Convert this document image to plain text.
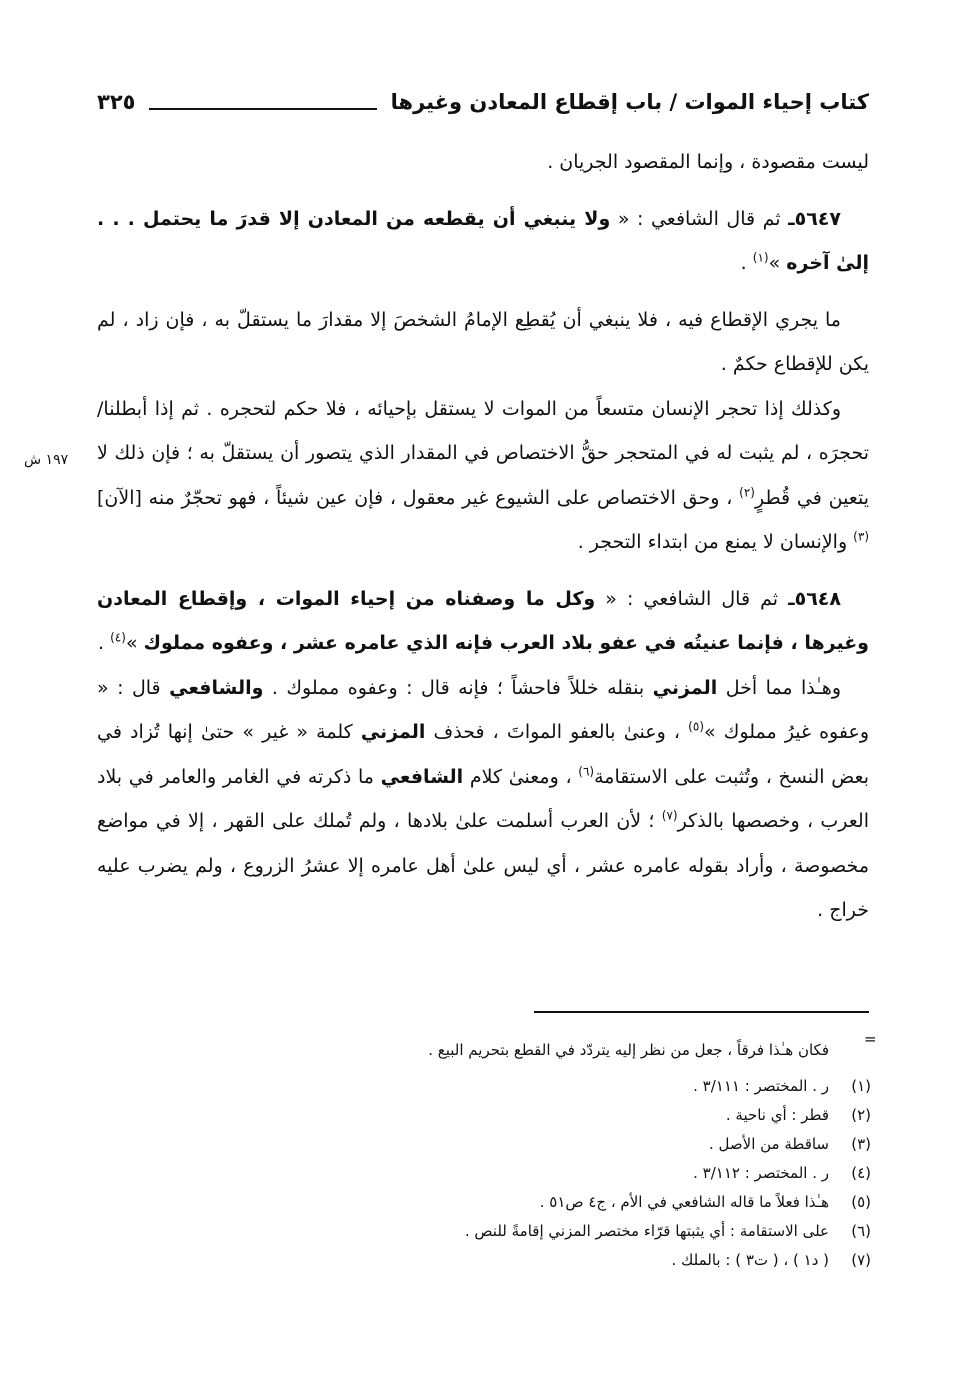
كتاب إحياء الموات / باب إقطاع المعادن وغيرها
٣٢٥
١٩٧ ش

ليست مقصودة ، وإنما المقصود الجريان .

٥٦٤٧ـ ثم قال الشافعي : « ولا ينبغي أن يقطعه من المعادن إلا قدرَ ما يحتمل . . . إلىٰ آخره »$^{(١)}$ .

ما يجري الإقطاع فيه ، فلا ينبغي أن يُقطِع الإمامُ الشخصَ إلا مقدارَ ما يستقلّ به ، فإن زاد ، لم يكن للإقطاع حكمٌ .

وكذلك إذا تحجر الإنسان متسعاً من الموات لا يستقل بإحيائه ، فلا حكم لتحجره . ثم إذا أبطلنا/ تحجرَه ، لم يثبت له في المتحجر حقُّ الاختصاص في المقدار الذي يتصور أن يستقلّ به ؛ فإن ذلك لا يتعين في قُطرٍ$^{(٢)}$ ، وحق الاختصاص على الشيوع غير معقول ، فإن عين شيئاً ، فهو تحجّرٌ منه [الآن]$^{(٣)}$ والإنسان لا يمنع من ابتداء التحجر .

٥٦٤٨ـ ثم قال الشافعي : « وكل ما وصفناه من إحياء الموات ، وإقطاع المعادن وغيرها ، فإنما عنيتُه في عفو بلاد العرب فإنه الذي عامره عشر ، وعفوه مملوك »$^{(٤)}$ .

وهـٰذا مما أخل المزني بنقله خللاً فاحشاً ؛ فإنه قال : وعفوه مملوك . والشافعي قال : « وعفوه غيرُ مملوك »$^{(٥)}$ ، وعنىٰ بالعفو المواتَ ، فحذف المزني كلمة « غير » حتىٰ إنها تُزاد في بعض النسخ ، وتُثبت على الاستقامة$^{(٦)}$ ، ومعنىٰ كلام الشافعي ما ذكرته في الغامر والعامر في بلاد العرب ، وخصصها بالذكر$^{(٧)}$ ؛ لأن العرب أسلمت علىٰ بلادها ، ولم تُملك على القهر ، إلا في مواضع مخصوصة ، وأراد بقوله عامره عشر ، أي ليس علىٰ أهل عامره إلا عشرُ الزروع ، ولم يضرب عليه خراج .

=
فكان هـٰذا فرقاً ، جعل من نظر إليه يتردّد في القطع بتحريم البيع .
(١)
ر . المختصر : ٣/١١١ .
(٢)
قطر : أي ناحية .
(٣)
ساقطة من الأصل .
(٤)
ر . المختصر : ٣/١١٢ .
(٥)
هـٰذا فعلاً ما قاله الشافعي في الأم ، ج٤ ص٥١ .
(٦)
على الاستقامة : أي يثبتها قرّاء مختصر المزني إقامةً للنص .
(٧)
( د١ ) ، ( ت٣ ) : بالملك .
